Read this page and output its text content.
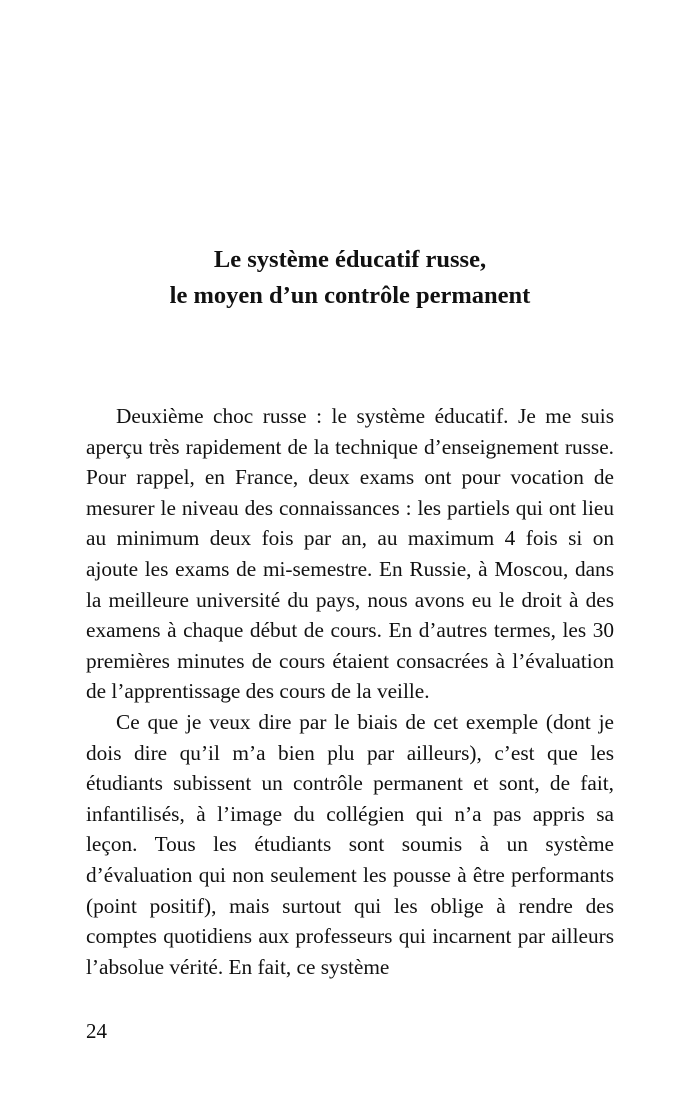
Le système éducatif russe,
le moyen d’un contrôle permanent

Deuxième choc russe : le système éducatif. Je me suis aperçu très rapidement de la technique d’enseignement russe. Pour rappel, en France, deux exams ont pour vocation de mesurer le niveau des connaissances : les partiels qui ont lieu au minimum deux fois par an, au maximum 4 fois si on ajoute les exams de mi-semestre. En Russie, à Moscou, dans la meilleure université du pays, nous avons eu le droit à des examens à chaque début de cours. En d’autres termes, les 30 premières minutes de cours étaient consacrées à l’évaluation de l’apprentissage des cours de la veille.

Ce que je veux dire par le biais de cet exemple (dont je dois dire qu’il m’a bien plu par ailleurs), c’est que les étudiants subissent un contrôle permanent et sont, de fait, infantilisés, à l’image du collégien qui n’a pas appris sa leçon. Tous les étudiants sont soumis à un système d’évaluation qui non seulement les pousse à être performants (point positif), mais surtout qui les oblige à rendre des comptes quotidiens aux professeurs qui incarnent par ailleurs l’absolue vérité. En fait, ce système

24
